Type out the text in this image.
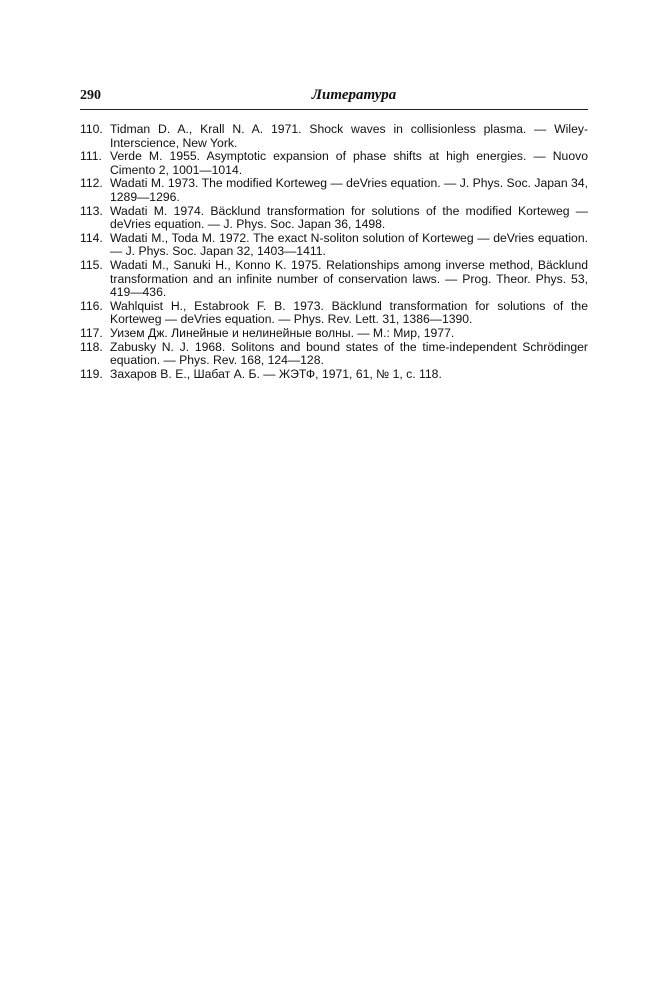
290	Литература
110. Tidman D. A., Krall N. A. 1971. Shock waves in collisionless plasma. — Wiley-Interscience, New York.
111. Verde M. 1955. Asymptotic expansion of phase shifts at high energies. — Nuovo Cimento 2, 1001—1014.
112. Wadati M. 1973. The modified Korteweg — deVries equation. — J. Phys. Soc. Japan 34, 1289—1296.
113. Wadati M. 1974. Bäcklund transformation for solutions of the modified Korteweg — deVries equation. — J. Phys. Soc. Japan 36, 1498.
114. Wadati M., Toda M. 1972. The exact N-soliton solution of Korteweg — deVries equation. — J. Phys. Soc. Japan 32, 1403—1411.
115. Wadati M., Sanuki H., Konno K. 1975. Relationships among inverse method, Bäcklund transformation and an infinite number of conservation laws. — Prog. Theor. Phys. 53, 419—436.
116. Wahlquist H., Estabrook F. B. 1973. Bäcklund transformation for solutions of the Korteweg — deVries equation. — Phys. Rev. Lett. 31, 1386—1390.
117. Уизем Дж. Линейные и нелинейные волны. — М.: Мир, 1977.
118. Zabusky N. J. 1968. Solitons and bound states of the time-independent Schrödinger equation. — Phys. Rev. 168, 124—128.
119. Захаров В. Е., Шабат А. Б. — ЖЭТФ, 1971, 61, № 1, с. 118.
